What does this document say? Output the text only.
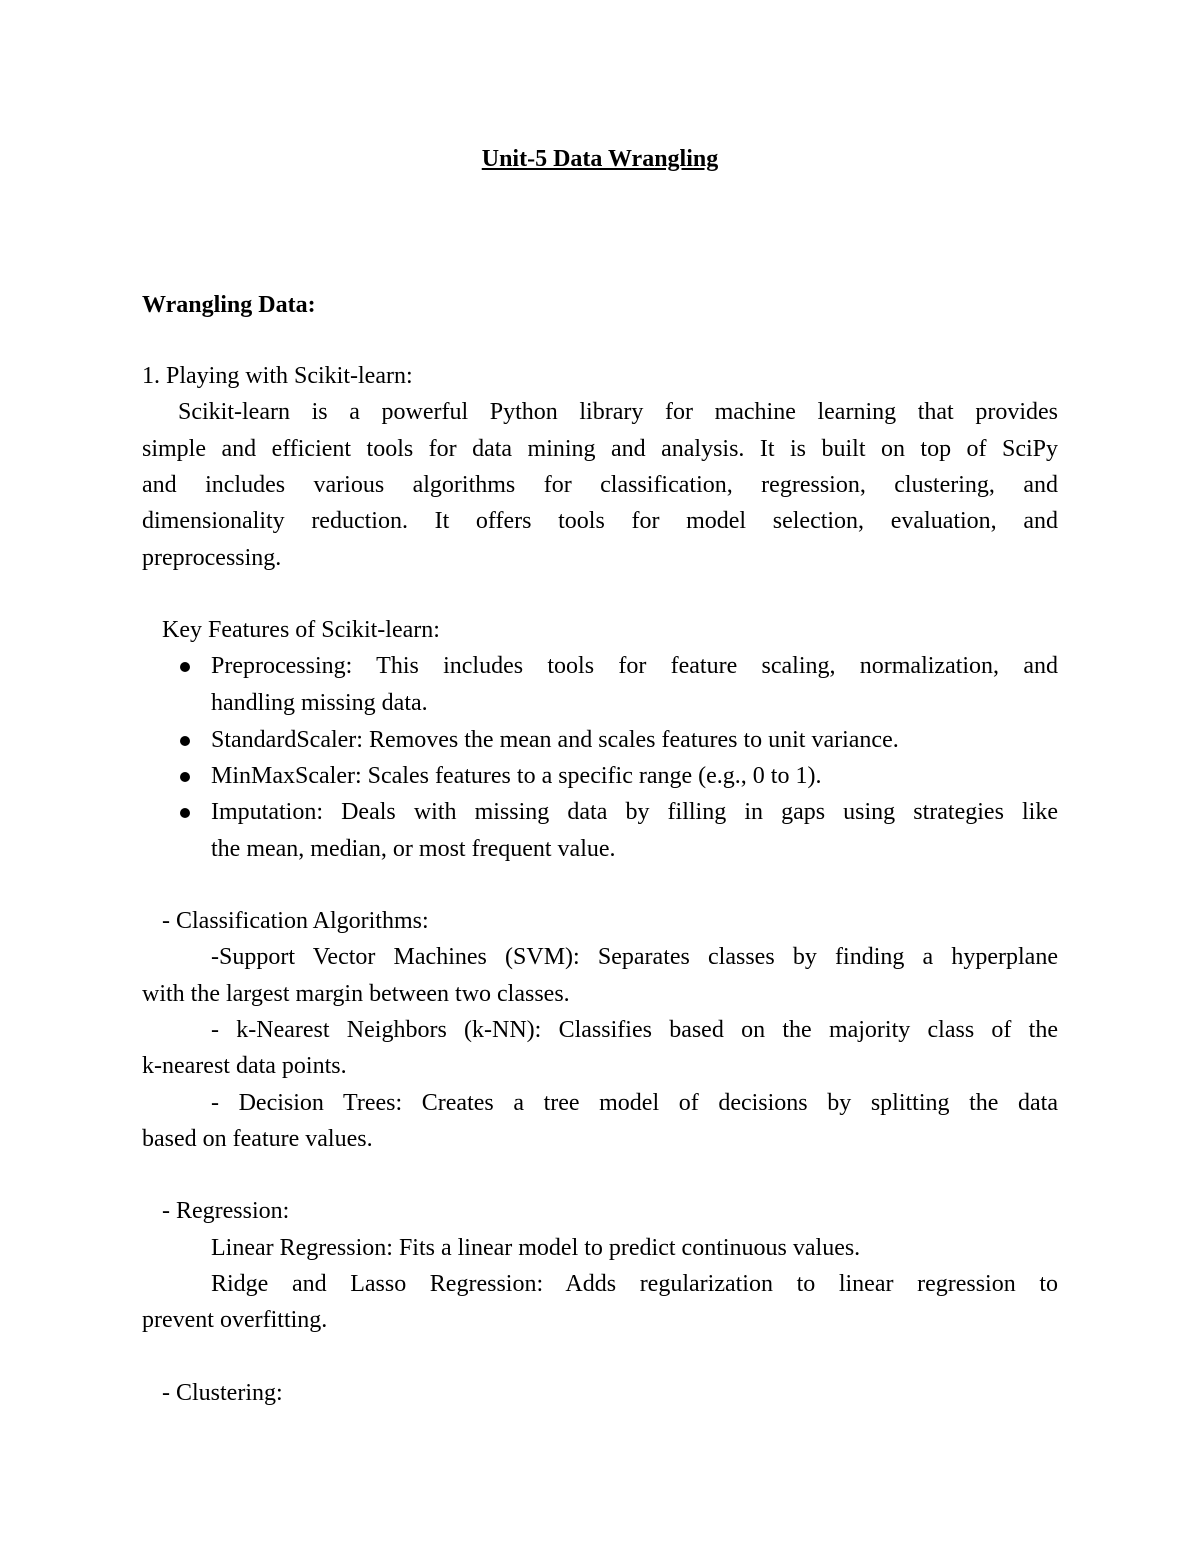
Unit-5 Data Wrangling
Wrangling Data:
1. Playing with Scikit-learn:
Scikit-learn is a powerful Python library for machine learning that provides
simple and efficient tools for data mining and analysis. It is built on top of SciPy
and includes various algorithms for classification, regression, clustering, and
dimensionality reduction. It offers tools for model selection, evaluation, and
preprocessing.
Key Features of Scikit-learn:
Preprocessing: This includes tools for feature scaling, normalization, and
handling missing data.
StandardScaler: Removes the mean and scales features to unit variance.
MinMaxScaler: Scales features to a specific range (e.g., 0 to 1).
Imputation: Deals with missing data by filling in gaps using strategies like
the mean, median, or most frequent value.
- Classification Algorithms:
-Support Vector Machines (SVM): Separates classes by finding a hyperplane
with the largest margin between two classes.
- k-Nearest Neighbors (k-NN): Classifies based on the majority class of the
k-nearest data points.
- Decision Trees: Creates a tree model of decisions by splitting the data
based on feature values.
- Regression:
Linear Regression: Fits a linear model to predict continuous values.
Ridge and Lasso Regression: Adds regularization to linear regression to
prevent overfitting.
- Clustering:
